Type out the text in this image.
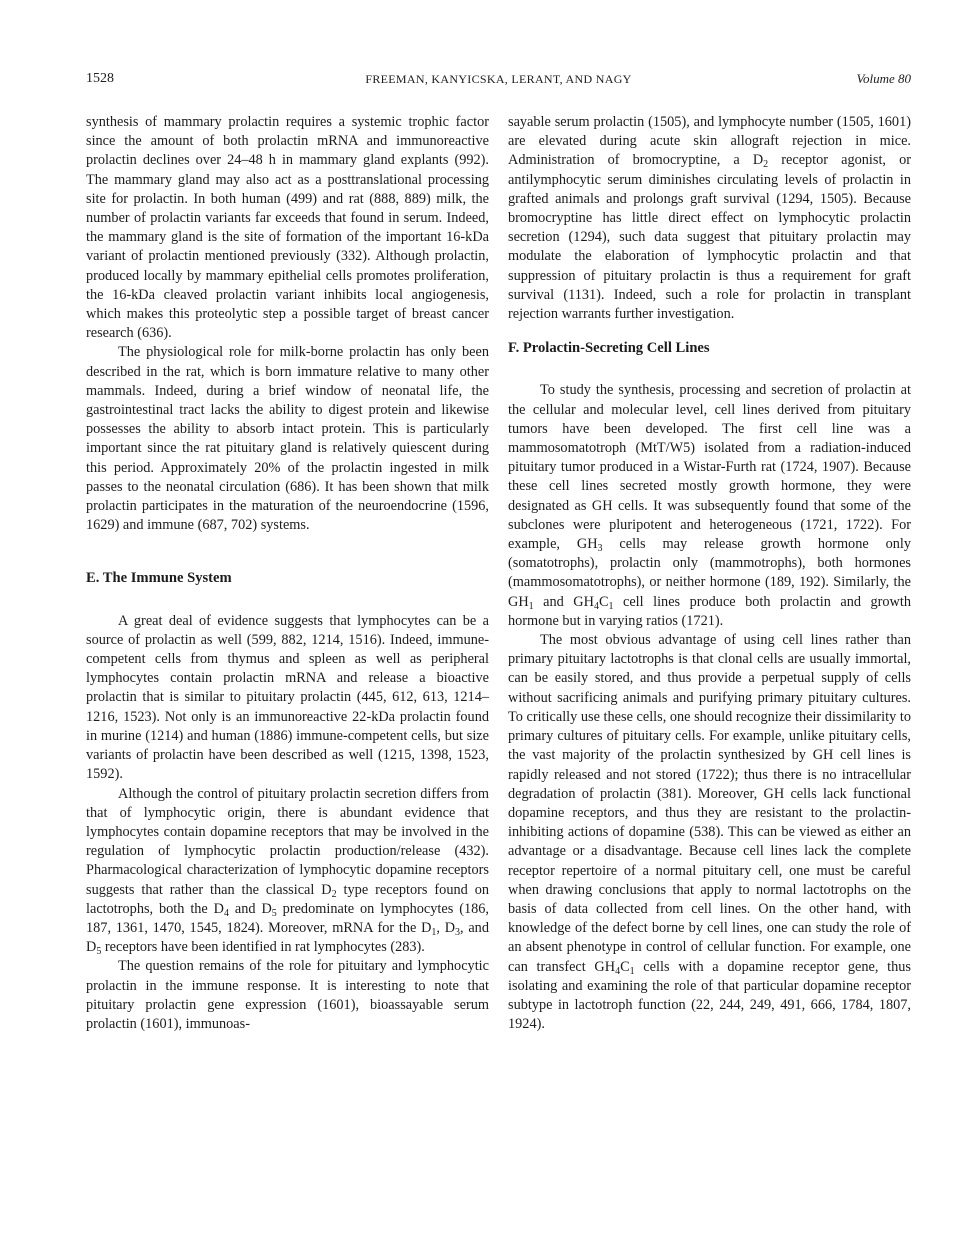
1528	FREEMAN, KANYICSKA, LERANT, AND NAGY	Volume 80

synthesis of mammary prolactin requires a systemic trophic factor since the amount of both prolactin mRNA and immunoreactive prolactin declines over 24–48 h in mammary gland explants (992). The mammary gland may also act as a posttranslational processing site for prolactin. In both human (499) and rat (888, 889) milk, the number of prolactin variants far exceeds that found in serum. Indeed, the mammary gland is the site of formation of the important 16-kDa variant of prolactin mentioned previously (332). Although prolactin, produced locally by mammary epithelial cells promotes proliferation, the 16-kDa cleaved prolactin variant inhibits local angiogenesis, which makes this proteolytic step a possible target of breast cancer research (636).

The physiological role for milk-borne prolactin has only been described in the rat, which is born immature relative to many other mammals. Indeed, during a brief window of neonatal life, the gastrointestinal tract lacks the ability to digest protein and likewise possesses the ability to absorb intact protein. This is particularly important since the rat pituitary gland is relatively quiescent during this period. Approximately 20% of the prolactin ingested in milk passes to the neonatal circulation (686). It has been shown that milk prolactin participates in the maturation of the neuroendocrine (1596, 1629) and immune (687, 702) systems.

E. The Immune System

A great deal of evidence suggests that lymphocytes can be a source of prolactin as well (599, 882, 1214, 1516). Indeed, immune-competent cells from thymus and spleen as well as peripheral lymphocytes contain prolactin mRNA and release a bioactive prolactin that is similar to pituitary prolactin (445, 612, 613, 1214–1216, 1523). Not only is an immunoreactive 22-kDa prolactin found in murine (1214) and human (1886) immune-competent cells, but size variants of prolactin have been described as well (1215, 1398, 1523, 1592).

Although the control of pituitary prolactin secretion differs from that of lymphocytic origin, there is abundant evidence that lymphocytes contain dopamine receptors that may be involved in the regulation of lymphocytic prolactin production/release (432). Pharmacological characterization of lymphocytic dopamine receptors suggests that rather than the classical $D_2$ type receptors found on lactotrophs, both the $D_4$ and $D_5$ predominate on lymphocytes (186, 187, 1361, 1470, 1545, 1824). Moreover, mRNA for the $D_1$, $D_3$, and $D_5$ receptors have been identified in rat lymphocytes (283).

The question remains of the role for pituitary and lymphocytic prolactin in the immune response. It is interesting to note that pituitary prolactin gene expression (1601), bioassayable serum prolactin (1601), immunoas-

sayable serum prolactin (1505), and lymphocyte number (1505, 1601) are elevated during acute skin allograft rejection in mice. Administration of bromocryptine, a $D_2$ receptor agonist, or antilymphocytic serum diminishes circulating levels of prolactin in grafted animals and prolongs graft survival (1294, 1505). Because bromocryptine has little direct effect on lymphocytic prolactin secretion (1294), such data suggest that pituitary prolactin may modulate the elaboration of lymphocytic prolactin and that suppression of pituitary prolactin is thus a requirement for graft survival (1131). Indeed, such a role for prolactin in transplant rejection warrants further investigation.

F. Prolactin-Secreting Cell Lines

To study the synthesis, processing and secretion of prolactin at the cellular and molecular level, cell lines derived from pituitary tumors have been developed. The first cell line was a mammosomatotroph (MtT/W5) isolated from a radiation-induced pituitary tumor produced in a Wistar-Furth rat (1724, 1907). Because these cell lines secreted mostly growth hormone, they were designated as GH cells. It was subsequently found that some of the subclones were pluripotent and heterogeneous (1721, 1722). For example, $GH_3$ cells may release growth hormone only (somatotrophs), prolactin only (mammotrophs), both hormones (mammosomatotrophs), or neither hormone (189, 192). Similarly, the $GH_1$ and $GH_4C_1$ cell lines produce both prolactin and growth hormone but in varying ratios (1721).

The most obvious advantage of using cell lines rather than primary pituitary lactotrophs is that clonal cells are usually immortal, can be easily stored, and thus provide a perpetual supply of cells without sacrificing animals and purifying primary pituitary cultures. To critically use these cells, one should recognize their dissimilarity to primary cultures of pituitary cells. For example, unlike pituitary cells, the vast majority of the prolactin synthesized by GH cell lines is rapidly released and not stored (1722); thus there is no intracellular degradation of prolactin (381). Moreover, GH cells lack functional dopamine receptors, and thus they are resistant to the prolactin-inhibiting actions of dopamine (538). This can be viewed as either an advantage or a disadvantage. Because cell lines lack the complete receptor repertoire of a normal pituitary cell, one must be careful when drawing conclusions that apply to normal lactotrophs on the basis of data collected from cell lines. On the other hand, with knowledge of the defect borne by cell lines, one can study the role of an absent phenotype in control of cellular function. For example, one can transfect $GH_4C_1$ cells with a dopamine receptor gene, thus isolating and examining the role of that particular dopamine receptor subtype in lactotroph function (22, 244, 249, 491, 666, 1784, 1807, 1924).
